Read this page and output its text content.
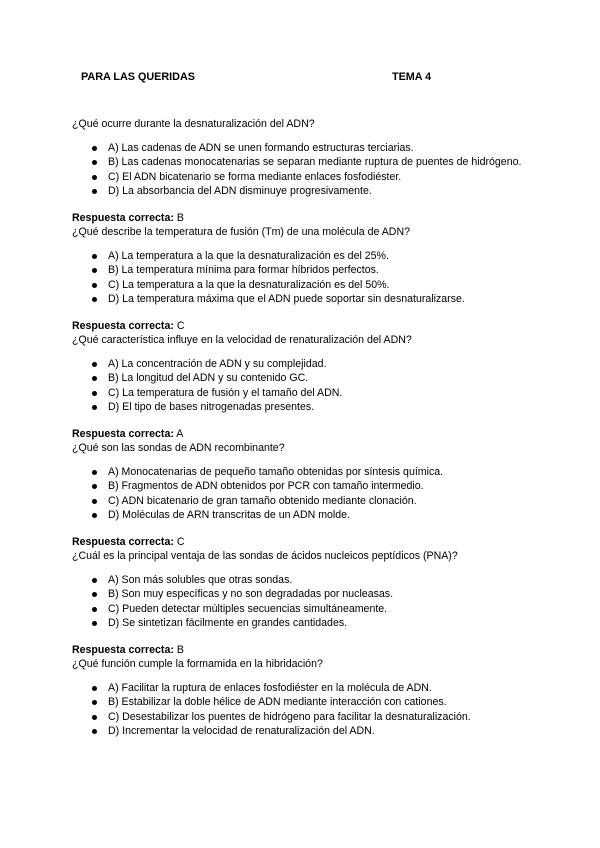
PARA LAS QUERIDAS	TEMA 4

¿Qué ocurre durante la desnaturalización del ADN?

A) Las cadenas de ADN se unen formando estructuras terciarias.
B) Las cadenas monocatenarias se separan mediante ruptura de puentes de hidrógeno.
C) El ADN bicatenario se forma mediante enlaces fosfodiéster.
D) La absorbancia del ADN disminuye progresivamente.
Respuesta correcta: B

¿Qué describe la temperatura de fusión (Tm) de una molécula de ADN?

A) La temperatura a la que la desnaturalización es del 25%.
B) La temperatura mínima para formar híbridos perfectos.
C) La temperatura a la que la desnaturalización es del 50%.
D) La temperatura máxima que el ADN puede soportar sin desnaturalizarse.
Respuesta correcta: C

¿Qué característica influye en la velocidad de renaturalización del ADN?

A) La concentración de ADN y su complejidad.
B) La longitud del ADN y su contenido GC.
C) La temperatura de fusión y el tamaño del ADN.
D) El tipo de bases nitrogenadas presentes.
Respuesta correcta: A

¿Qué son las sondas de ADN recombinante?

A) Monocatenarias de pequeño tamaño obtenidas por síntesis química.
B) Fragmentos de ADN obtenidos por PCR con tamaño intermedio.
C) ADN bicatenario de gran tamaño obtenido mediante clonación.
D) Moléculas de ARN transcritas de un ADN molde.
Respuesta correcta: C

¿Cuál es la principal ventaja de las sondas de ácidos nucleicos peptídicos (PNA)?

A) Son más solubles que otras sondas.
B) Son muy específicas y no son degradadas por nucleasas.
C) Pueden detectar múltiples secuencias simultáneamente.
D) Se sintetizan fácilmente en grandes cantidades.
Respuesta correcta: B

¿Qué función cumple la formamida en la hibridación?

A) Facilitar la ruptura de enlaces fosfodiéster en la molécula de ADN.
B) Estabilizar la doble hélice de ADN mediante interacción con cationes.
C) Desestabilizar los puentes de hidrógeno para facilitar la desnaturalización.
D) Incrementar la velocidad de renaturalización del ADN.
